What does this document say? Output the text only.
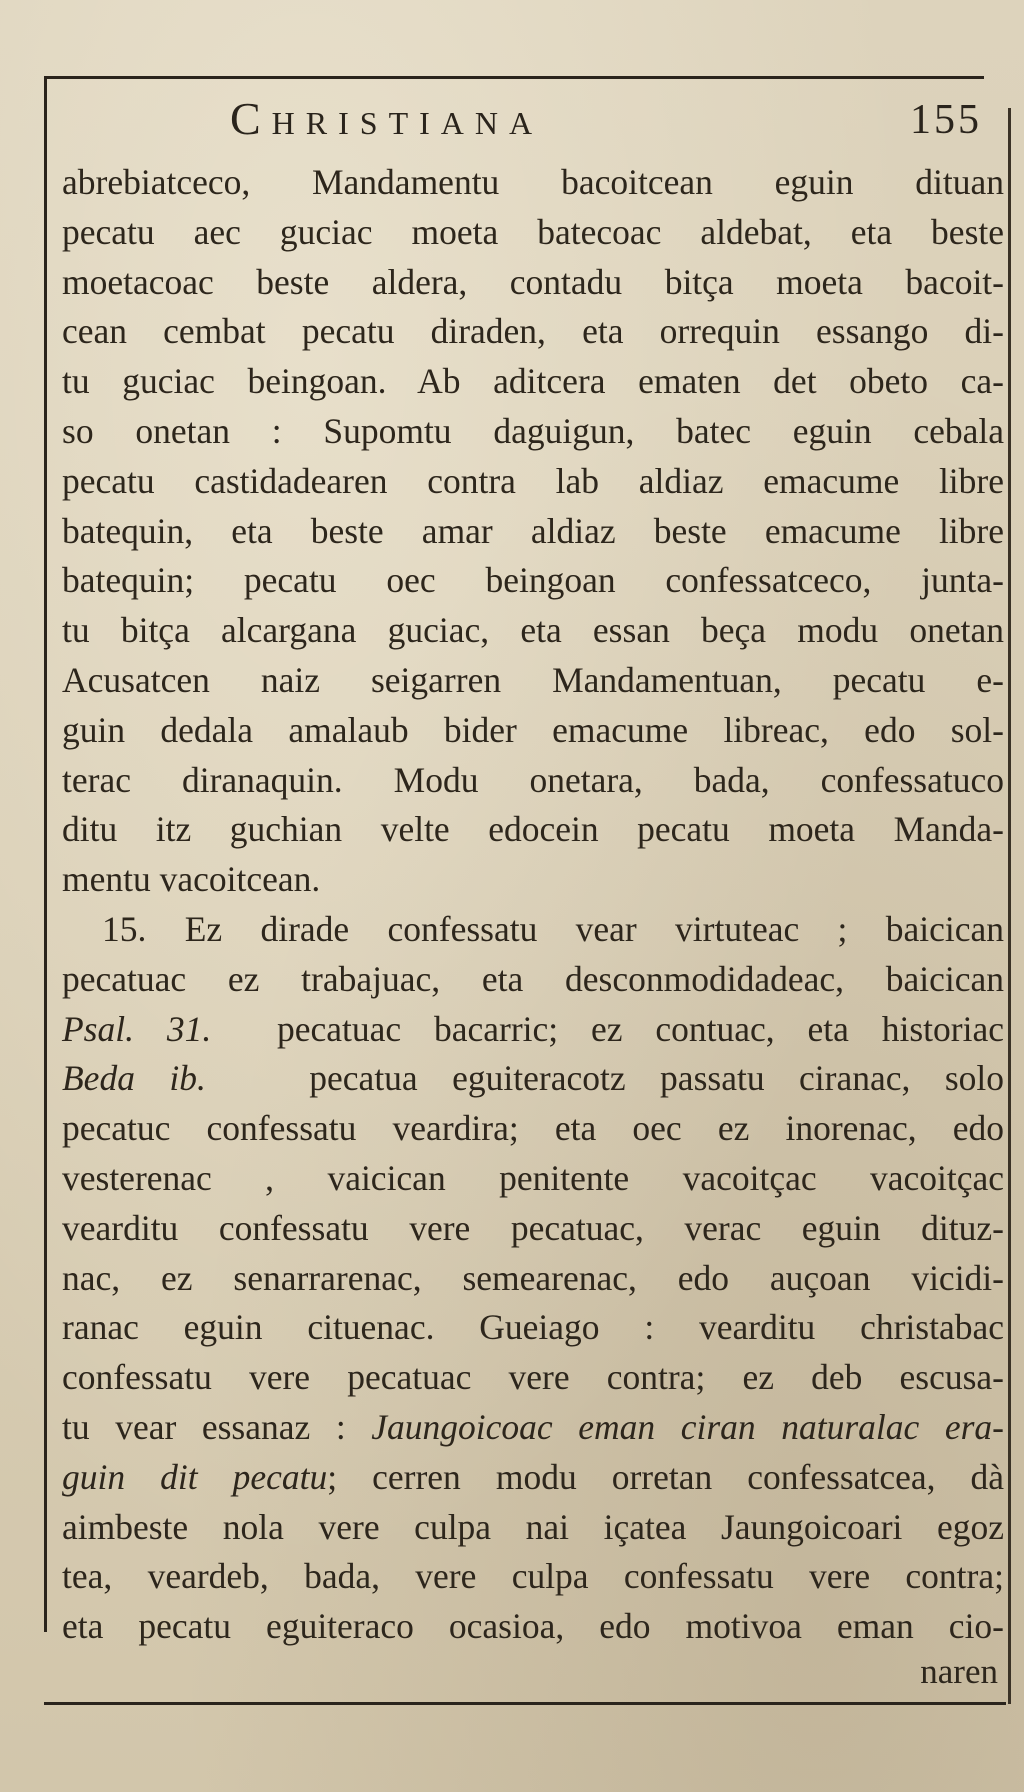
Christiana	155
abrebiatceco, Mandamentu bacoitcean eguin dituan
pecatu aec guciac moeta batecoac aldebat, eta beste
moetacoac beste aldera, contadu bitça moeta bacoit-
cean cembat pecatu diraden, eta orrequin essango di-
tu guciac beingoan. Ab aditcera ematen det obeto ca-
so onetan : Supomtu daguigun, batec eguin cebala
pecatu castidadearen contra lab aldiaz emacume libre
batequin, eta beste amar aldiaz beste emacume libre
batequin; pecatu oec beingoan confessatceco, junta-
tu bitça alcargana guciac, eta essan beça modu onetan
Acusatcen naiz seigarren Mandamentuan, pecatu e-
guin dedala amalaub bider emacume libreac, edo sol-
terac diranaquin. Modu onetara, bada, confessatuco
ditu itz guchian velte edocein pecatu moeta Manda-
mentu vacoitcean.
15. Ez dirade confessatu vear virtuteac ; baicican
pecatuac ez trabajuac, eta desconmodidadeac, baicican
Psal. 31. pecatuac bacarric; ez contuac, eta historiac
Beda ib.	pecatua eguiteracotz passatu ciranac, solo
pecatuc confessatu veardira; eta oec ez inorenac, edo
vesterenac , vaicican penitente vacoitçac vacoitçac
vearditu confessatu vere pecatuac, verac eguin dituz-
nac, ez senarrarenac, semearenac, edo auçoan vicidi-
ranac eguin cituenac. Gueiago : vearditu christabac
confessatu vere pecatuac vere contra; ez deb escusa-
tu vear essanaz : Jaungoicoac eman ciran naturalac era-
guin dit pecatu; cerren modu orretan confessatcea, dà
aimbeste nola vere culpa nai içatea Jaungoicoari egoz
tea, veardeb, bada, vere culpa confessatu vere contra;
eta pecatu eguiteraco ocasioa, edo motivoa eman cio-
naren
